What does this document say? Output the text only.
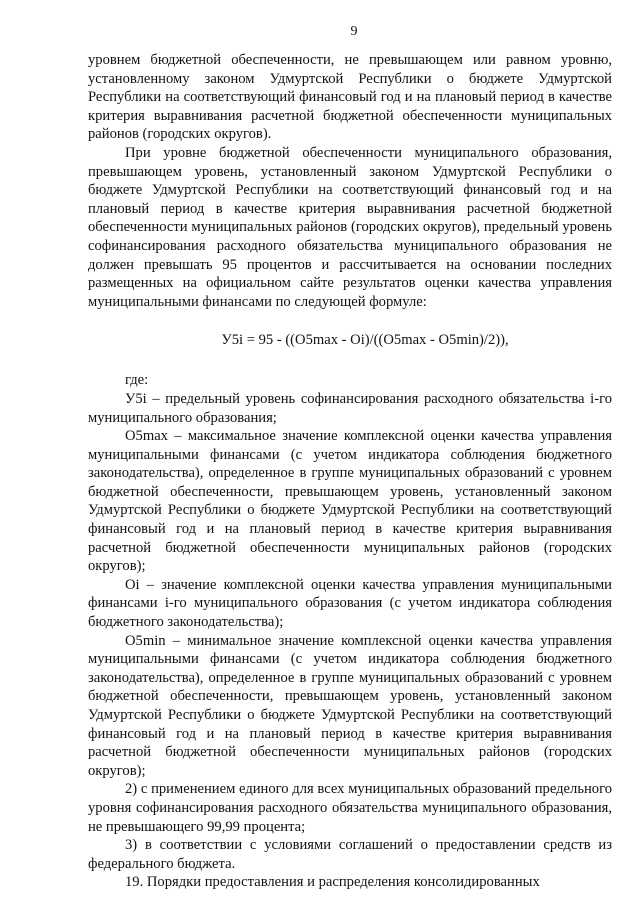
9

уровнем бюджетной обеспеченности, не превышающем или равном уровню, установленному законом Удмуртской Республики о бюджете Удмуртской Республики на соответствующий финансовый год и на плановый период в качестве критерия выравнивания расчетной бюджетной обеспеченности муниципальных районов (городских округов).

При уровне бюджетной обеспеченности муниципального образования, превышающем уровень, установленный законом Удмуртской Республики о бюджете Удмуртской Республики на соответствующий финансовый год и на плановый период в качестве критерия выравнивания расчетной бюджетной обеспеченности муниципальных районов (городских округов), предельный уровень софинансирования расходного обязательства муниципального образования не должен превышать 95 процентов и рассчитывается на основании последних размещенных на официальном сайте результатов оценки качества управления муниципальными финансами по следующей формуле:

У5i = 95 - ((О5max - Оi)/((О5max - О5min)/2)),

где:

У5i – предельный уровень софинансирования расходного обязательства i-го муниципального образования;

О5max – максимальное значение комплексной оценки качества управления муниципальными финансами (с учетом индикатора соблюдения бюджетного законодательства), определенное в группе муниципальных образований с уровнем бюджетной обеспеченности, превышающем уровень, установленный законом Удмуртской Республики о бюджете Удмуртской Республики на соответствующий финансовый год и на плановый период в качестве критерия выравнивания расчетной бюджетной обеспеченности муниципальных районов (городских округов);

Оi – значение комплексной оценки качества управления муниципальными финансами i-го муниципального образования (с учетом индикатора соблюдения бюджетного законодательства);

О5min – минимальное значение комплексной оценки качества управления муниципальными финансами (с учетом индикатора соблюдения бюджетного законодательства), определенное в группе муниципальных образований с уровнем бюджетной обеспеченности, превышающем уровень, установленный законом Удмуртской Республики о бюджете Удмуртской Республики на соответствующий финансовый год и на плановый период в качестве критерия выравнивания расчетной бюджетной обеспеченности муниципальных районов (городских округов);

2) с применением единого для всех муниципальных образований предельного уровня софинансирования расходного обязательства муниципального образования, не превышающего 99,99 процента;

3) в соответствии с условиями соглашений о предоставлении средств из федерального бюджета.

19. Порядки предоставления и распределения консолидированных
